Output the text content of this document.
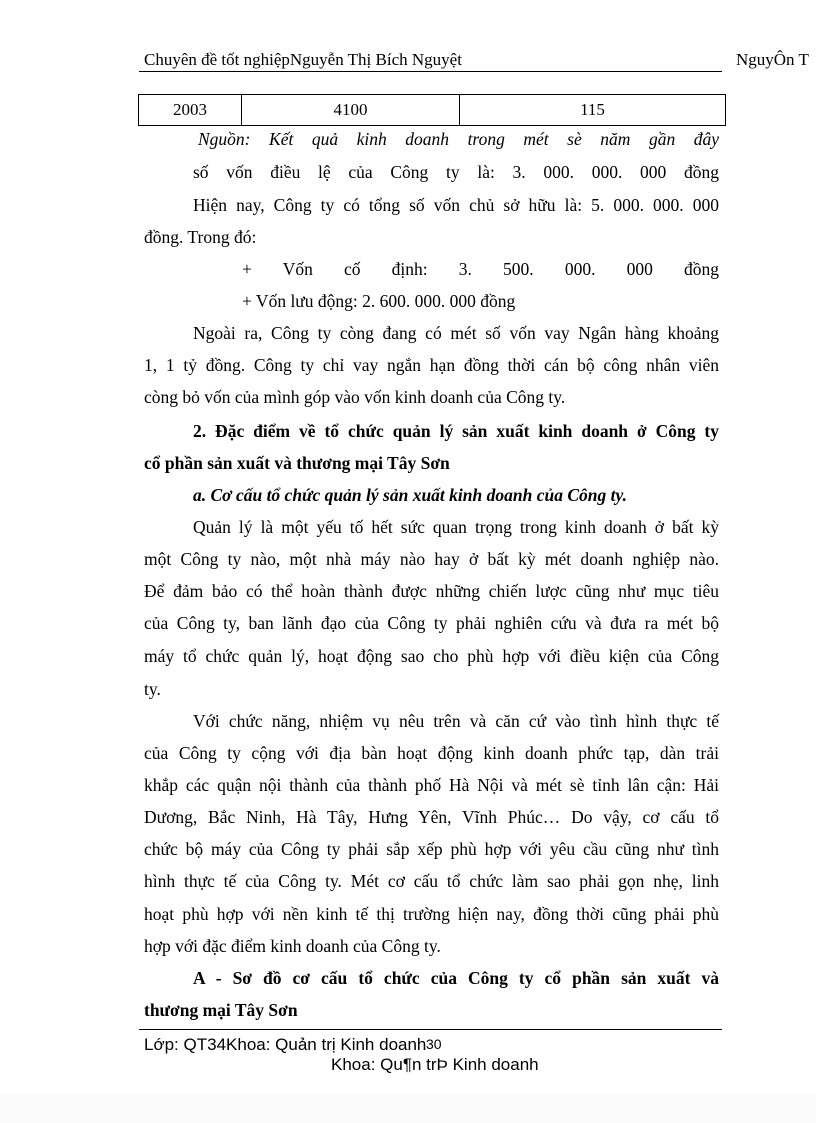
Chuyên đề tốt nghiệpNguyễn Thị Bích Nguyệt	NguyÔn T
2003	4100	115
Nguồn: Kết quả kinh doanh trong mét sè năm gần đây
số vốn điều lệ của Công ty là: 3. 000. 000. 000 đồng
Hiện nay, Công ty có tổng số vốn chủ sở hữu là: 5. 000. 000. 000
đồng. Trong đó:
+ Vốn cố định: 3. 500. 000. 000 đồng
+ Vốn lưu động: 2. 600. 000. 000 đồng
Ngoài ra, Công ty còng đang có mét số vốn vay Ngân hàng khoảng
1, 1 tỷ đồng. Công ty chỉ vay ngắn hạn đồng thời cán bộ công nhân viên
còng bỏ vốn của mình góp vào vốn kinh doanh của Công ty.
2. Đặc điểm về tổ chức quản lý sản xuất kinh doanh ở Công ty
cổ phần sản xuất và thương mại Tây Sơn
a. Cơ cấu tổ chức quản lý sản xuất kinh doanh của Công ty.
Quản lý là một yếu tố hết sức quan trọng trong kinh doanh ở bất kỳ
một Công ty nào, một nhà máy nào hay ở bất kỳ mét doanh nghiệp nào.
Để đảm bảo có thể hoàn thành được những chiến lược cũng như mục tiêu
của Công ty, ban lãnh đạo của Công ty phải nghiên cứu và đưa ra mét bộ
máy tổ chức quản lý, hoạt động sao cho phù hợp với điều kiện của Công
ty.
Với chức năng, nhiệm vụ nêu trên và căn cứ vào tình hình thực tế
của Công ty cộng với địa bàn hoạt động kinh doanh phức tạp, dàn trải
khắp các quận nội thành của thành phố Hà Nội và mét sè tỉnh lân cận: Hải
Dương, Bắc Ninh, Hà Tây, Hưng Yên, Vĩnh Phúc… Do vậy, cơ cấu tổ
chức bộ máy của Công ty phải sắp xếp phù hợp với yêu cầu cũng như tình
hình thực tế của Công ty. Mét cơ cấu tổ chức làm sao phải gọn nhẹ, linh
hoạt phù hợp với nền kinh tế thị trường hiện nay, đồng thời cũng phải phù
hợp với đặc điểm kinh doanh của Công ty.
A - Sơ đồ cơ cấu tổ chức của Công ty cổ phần sản xuất và
thương mại Tây Sơn
Lớp: QT34Khoa: Quản trị Kinh doanh 30
Khoa: Qu¶n trÞ Kinh doanh
